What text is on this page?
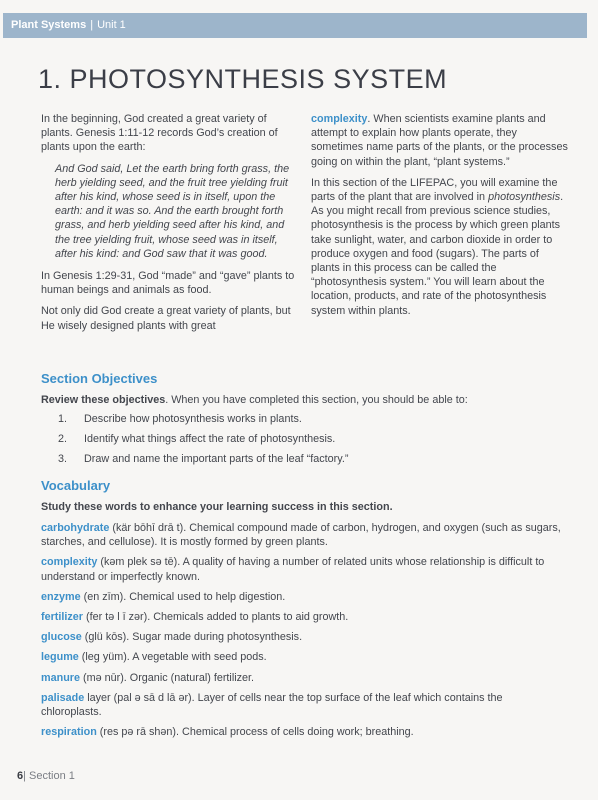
Plant Systems | Unit 1
1. PHOTOSYNTHESIS SYSTEM

In the beginning, God created a great variety of plants. Genesis 1:11-12 records God’s creation of plants upon the earth:

And God said, Let the earth bring forth grass, the herb yielding seed, and the fruit tree yielding fruit after his kind, whose seed is in itself, upon the earth: and it was so. And the earth brought forth grass, and herb yielding seed after his kind, and the tree yielding fruit, whose seed was in itself, after his kind: and God saw that it was good.

In Genesis 1:29-31, God “made” and “gave” plants to human beings and animals as food.

Not only did God create a great variety of plants, but He wisely designed plants with great

complexity. When scientists examine plants and attempt to explain how plants operate, they sometimes name parts of the plants, or the processes going on within the plant, “plant systems.”

In this section of the LIFEPAC, you will examine the parts of the plant that are involved in photosynthesis. As you might recall from previous science studies, photosynthesis is the process by which green plants take sunlight, water, and carbon dioxide in order to produce oxygen and food (sugars). The parts of plants in this process can be called the “photosynthesis system.” You will learn about the location, products, and rate of the photosynthesis system within plants.

Section Objectives

Review these objectives. When you have completed this section, you should be able to:

1. Describe how photosynthesis works in plants.
2. Identify what things affect the rate of photosynthesis.
3. Draw and name the important parts of the leaf “factory.”
Vocabulary

Study these words to enhance your learning success in this section.

carbohydrate (kär bōhī drā t). Chemical compound made of carbon, hydrogen, and oxygen (such as sugars, starches, and cellulose). It is mostly formed by green plants.

complexity (kəm plek sə tē). A quality of having a number of related units whose relationship is difficult to understand or imperfectly known.

enzyme (en zīm). Chemical used to help digestion.

fertilizer (fer tə l ī zər). Chemicals added to plants to aid growth.

glucose (glü kōs). Sugar made during photosynthesis.

legume (leg yüm). A vegetable with seed pods.

manure (mə nūr). Organic (natural) fertilizer.

palisade layer (pal ə sā d lā ər). Layer of cells near the top surface of the leaf which contains the chloroplasts.

respiration (res pə rā shən). Chemical process of cells doing work; breathing.

6| Section 1
